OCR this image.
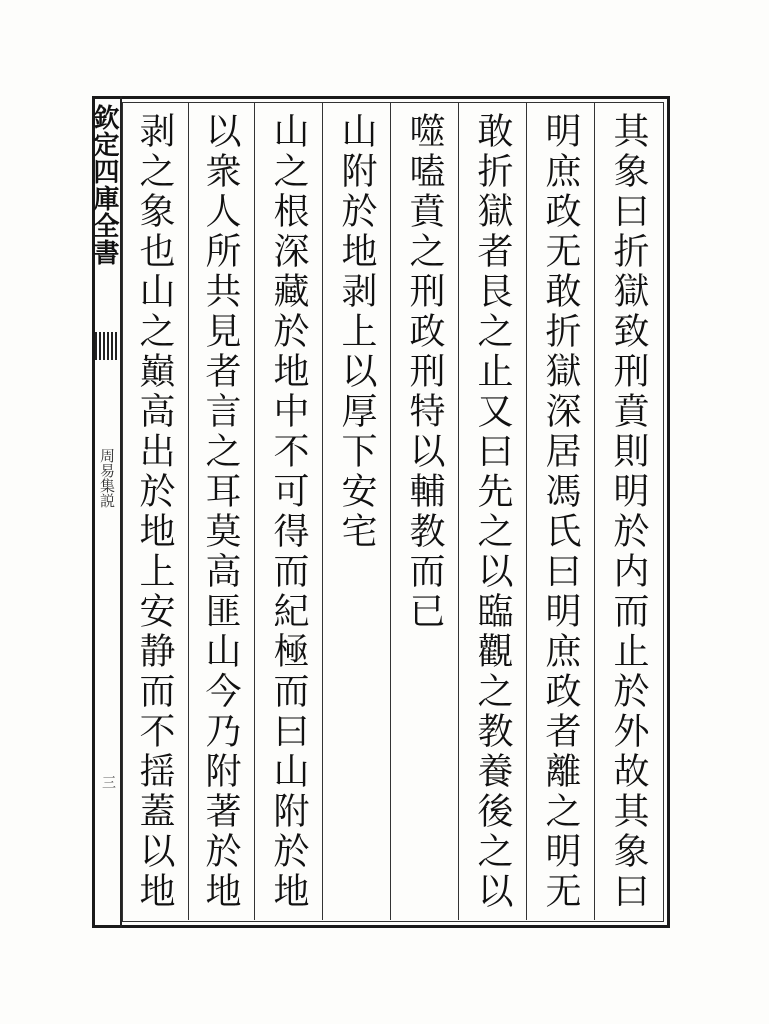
欽定四庫全書
周易集説
三	其象曰折獄致刑賁則明於内而止於外故其象曰
明庶政无敢折獄深居馮氏曰明庶政者離之明无
敢折獄者艮之止又曰先之以臨觀之教養後之以
噬嗑賁之刑政刑特以輔教而已
山附於地剥上以厚下安宅
山之根深藏於地中不可得而紀極而曰山附於地
以衆人所共見者言之耳莫高匪山今乃附著於地
剥之象也山之巔高出於地上安静而不揺蓋以地
